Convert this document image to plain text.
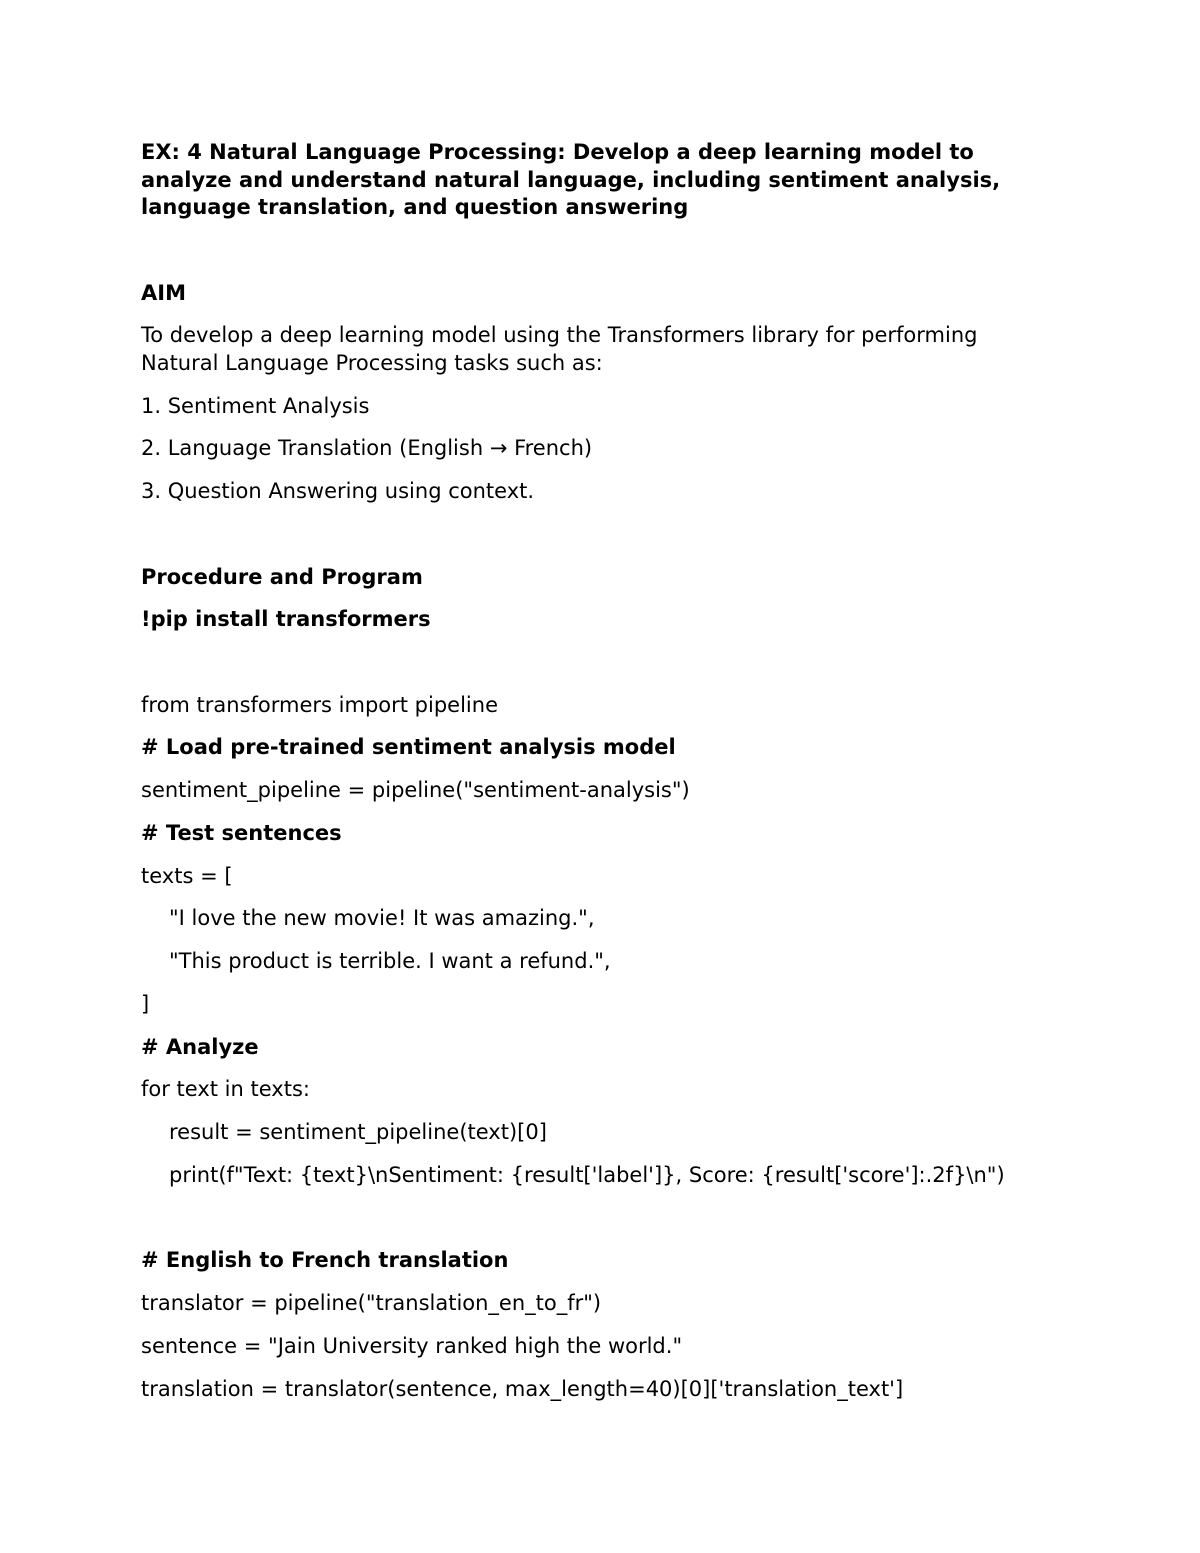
EX: 4 Natural Language Processing: Develop a deep learning model to analyze and understand natural language, including sentiment analysis, language translation, and question answering

AIM

To develop a deep learning model using the Transformers library for performing

Natural Language Processing tasks such as:

1. Sentiment Analysis

2. Language Translation (English → French)

3. Question Answering using context.

Procedure and Program

!pip install transformers

from transformers import pipeline

# Load pre-trained sentiment analysis model

sentiment_pipeline = pipeline("sentiment-analysis")

# Test sentences

texts = [

"I love the new movie! It was amazing.",

"This product is terrible. I want a refund.",

]

# Analyze

for text in texts:

result = sentiment_pipeline(text)[0]

print(f"Text: {text}\nSentiment: {result['label']}, Score: {result['score']:.2f}\n")

# English to French translation

translator = pipeline("translation_en_to_fr")

sentence = "Jain University ranked high the world."

translation = translator(sentence, max_length=40)[0]['translation_text']
